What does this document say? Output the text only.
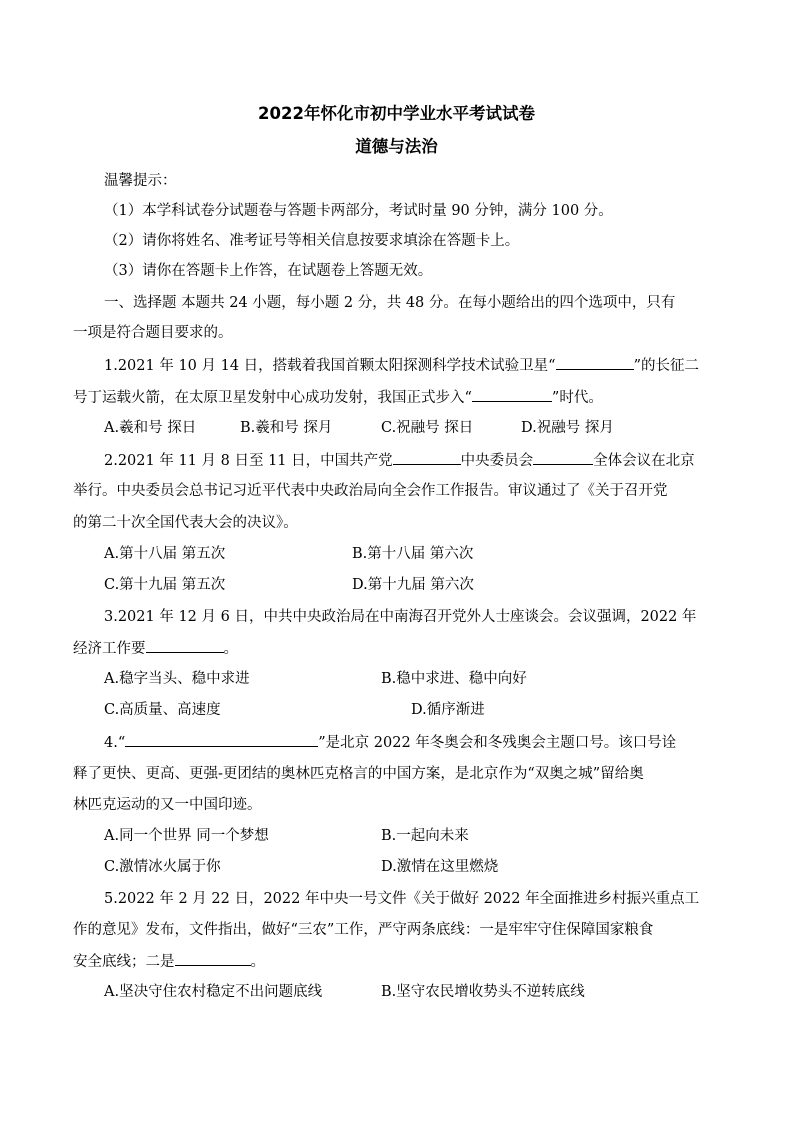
2022年怀化市初中学业水平考试试卷
道德与法治
温馨提示：
（1）本学科试卷分试题卷与答题卡两部分，考试时量 90 分钟，满分 100 分。
（2）请你将姓名、准考证号等相关信息按要求填涂在答题卡上。
（3）请你在答题卡上作答，在试题卷上答题无效。
一、选择题 本题共 24 小题，每小题 2 分，共 48 分。在每小题给出的四个选项中，只有
一项是符合题目要求的。
1.2021 年 10 月 14 日，搭载着我国首颗太阳探测科学技术试验卫星“	”的长征二
号丁运载火箭，在太原卫星发射中心成功发射，我国正式步入“	”时代。
A.羲和号 探日	B.羲和号 探月	C.祝融号 探日	D.祝融号 探月
2.2021 年 11 月 8 日至 11 日，中国共产党	中央委员会	全体会议在北京
举行。中央委员会总书记习近平代表中央政治局向全会作工作报告。审议通过了《关于召开党
的第二十次全国代表大会的决议》。
A.第十八届 第五次	B.第十八届 第六次
C.第十九届 第五次	D.第十九届 第六次
3.2021 年 12 月 6 日，中共中央政治局在中南海召开党外人士座谈会。会议强调，2022 年
经济工作要	。
A.稳字当头、稳中求进	B.稳中求进、稳中向好
C.高质量、高速度	D.循序渐进
4.“	”是北京 2022 年冬奥会和冬残奥会主题口号。该口号诠
释了更快、更高、更强-更团结的奥林匹克格言的中国方案，是北京作为“双奥之城”留给奥
林匹克运动的又一中国印迹。
A.同一个世界 同一个梦想	B.一起向未来
C.激情冰火属于你	D.激情在这里燃烧
5.2022 年 2 月 22 日，2022 年中央一号文件《关于做好 2022 年全面推进乡村振兴重点工
作的意见》发布，文件指出，做好“三农”工作，严守两条底线：一是牢牢守住保障国家粮食
安全底线；二是	。
A.坚决守住农村稳定不出问题底线	B.坚守农民增收势头不逆转底线
